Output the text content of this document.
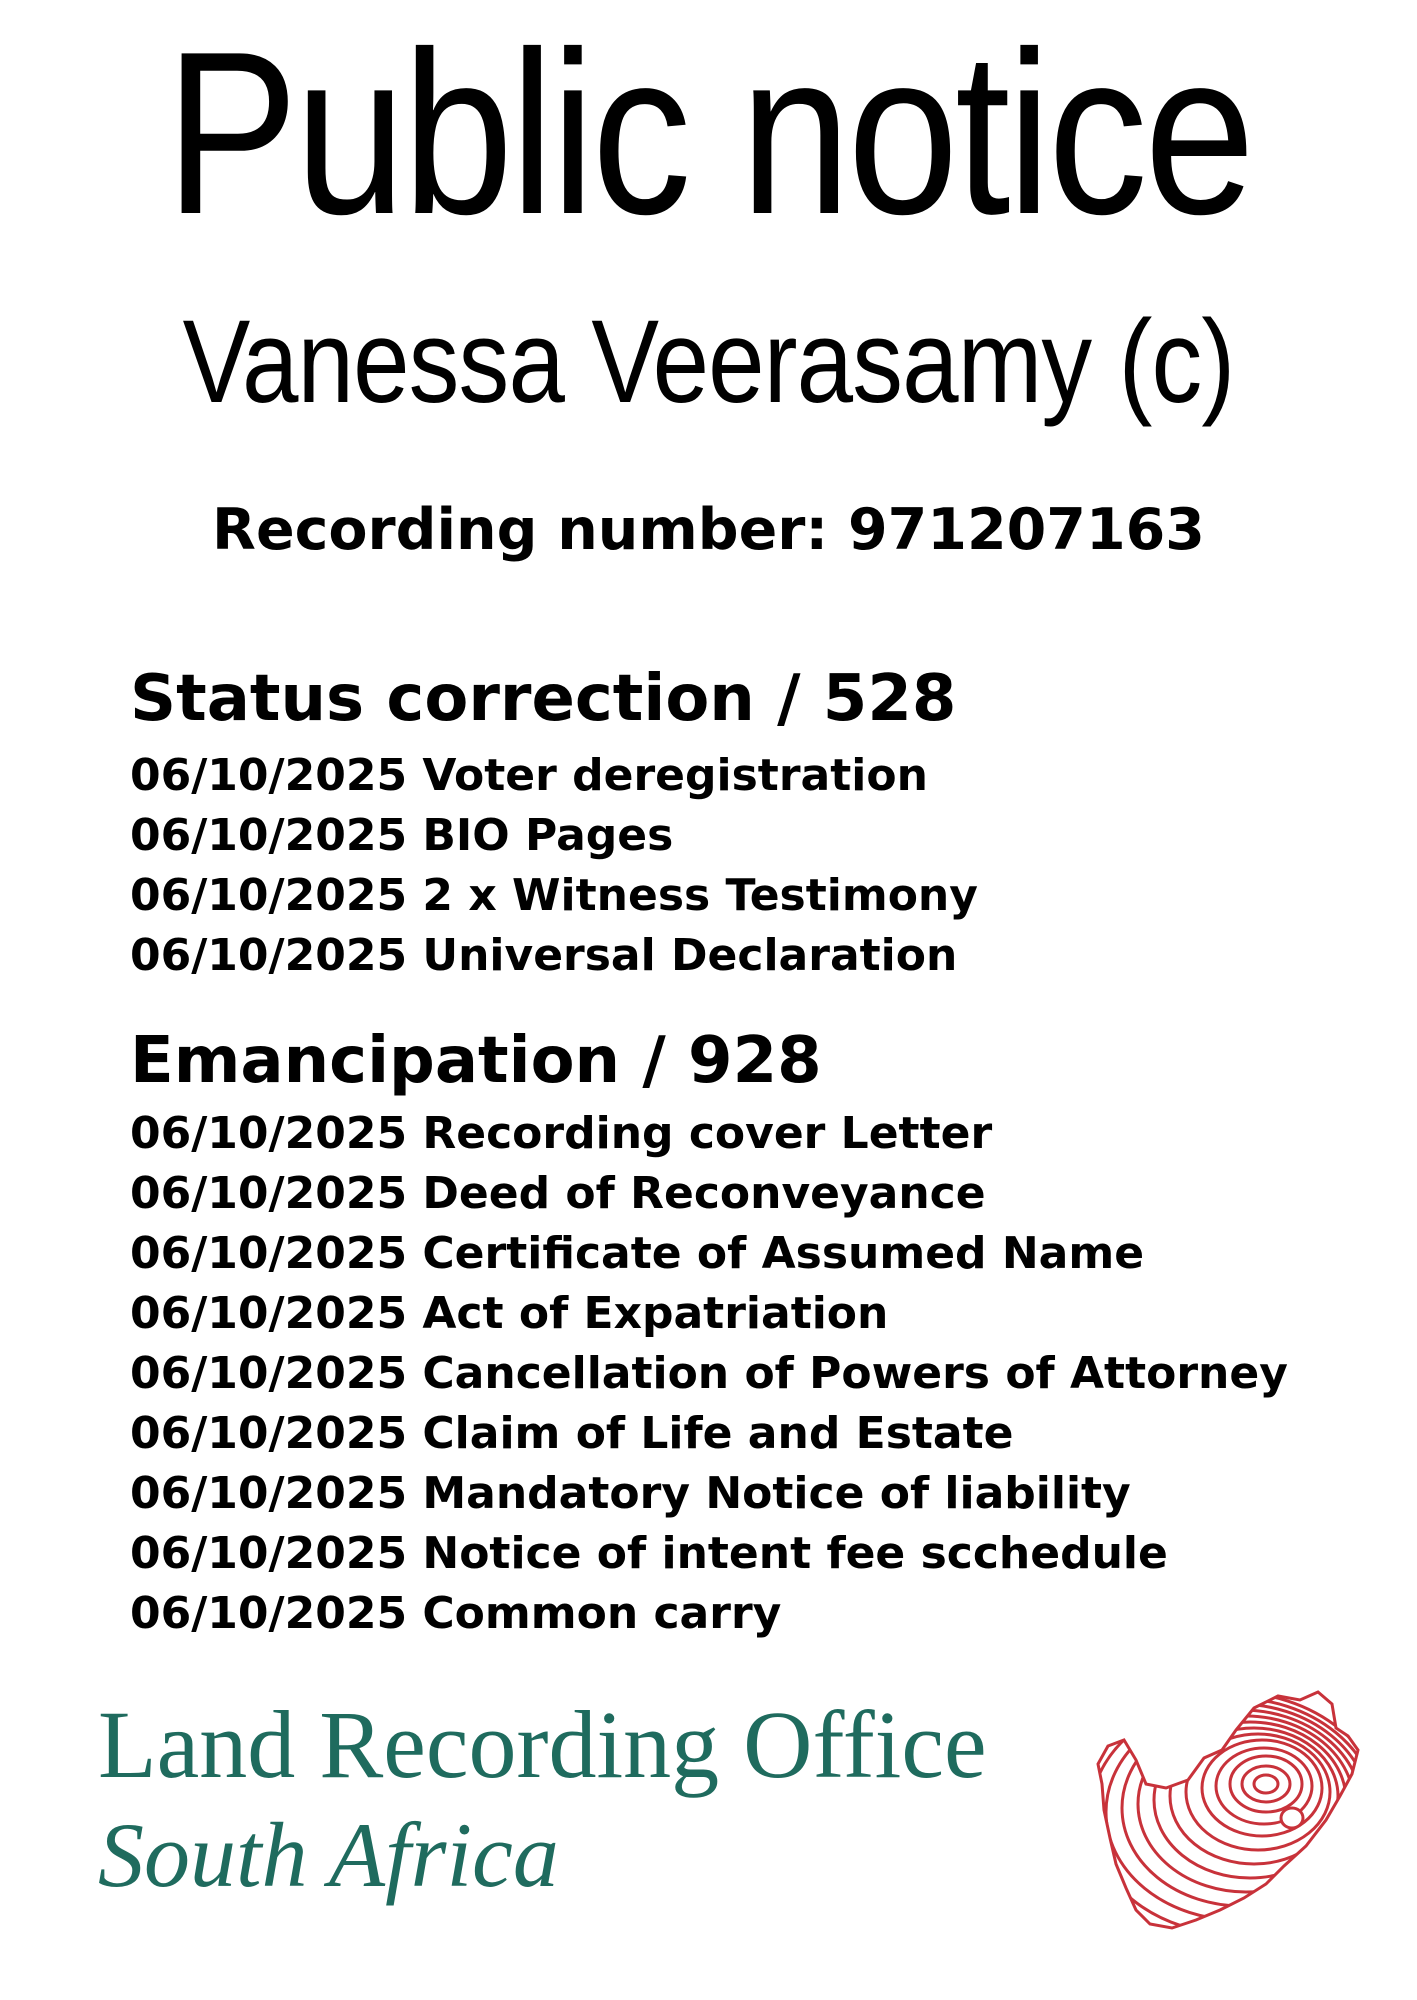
Public notice
Vanessa Veerasamy (c)
Recording number: 971207163
Status correction / 528
06/10/2025 Voter deregistration
06/10/2025 BIO Pages
06/10/2025 2 x Witness Testimony
06/10/2025 Universal Declaration
Emancipation / 928
06/10/2025 Recording cover Letter
06/10/2025 Deed of Reconveyance
06/10/2025 Certificate of Assumed Name
06/10/2025 Act of Expatriation
06/10/2025 Cancellation of Powers of Attorney
06/10/2025 Claim of Life and Estate
06/10/2025 Mandatory Notice of liability
06/10/2025 Notice of intent fee scchedule
06/10/2025 Common carry
Land Recording Office
South Africa
